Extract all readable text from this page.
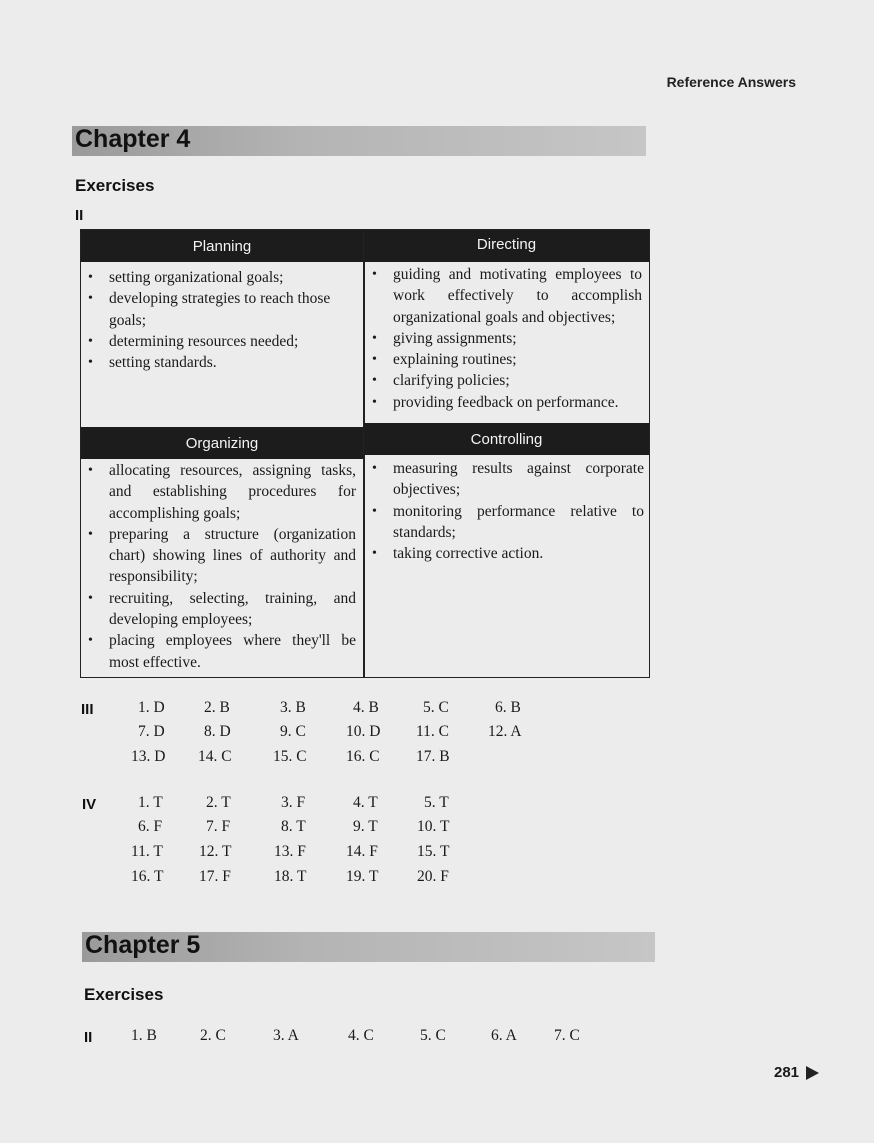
Reference Answers
Chapter 4
Exercises
II
Planning	Directing
• setting organizational goals;
• developing strategies to reach those goals;
• determining resources needed;
• setting standards.
• guiding and motivating employees to work effectively to accomplish organizational goals and objectives;
• giving assignments;
• explaining routines;
• clarifying policies;
• providing feedback on performance.
Organizing	Controlling
• allocating resources, assigning tasks, and establishing procedures for accomplishing goals;
• preparing a structure (organization chart) showing lines of authority and responsibility;
• recruiting, selecting, training, and developing employees;
• placing employees where they'll be most effective.
• measuring results against corporate objectives;
• monitoring performance relative to standards;
• taking corrective action.
III	1. D	2. B	3. B	4. B	5. C	6. B
7. D	8. D	9. C	10. D 11. C	12. A
13. D 14. C	15. C	16. C 17. B
IV	1. T	2. T	3. F	4. T	5. T
6. F	7. F	8. T	9. T	10. T
11. T 12. T	13. F	14. F	15. T
16. T 17. F	18. T	19. T 20. F
Chapter 5
Exercises
II 1. B	2. C	3. A	4. C	5. C	6. A 7. C
281
